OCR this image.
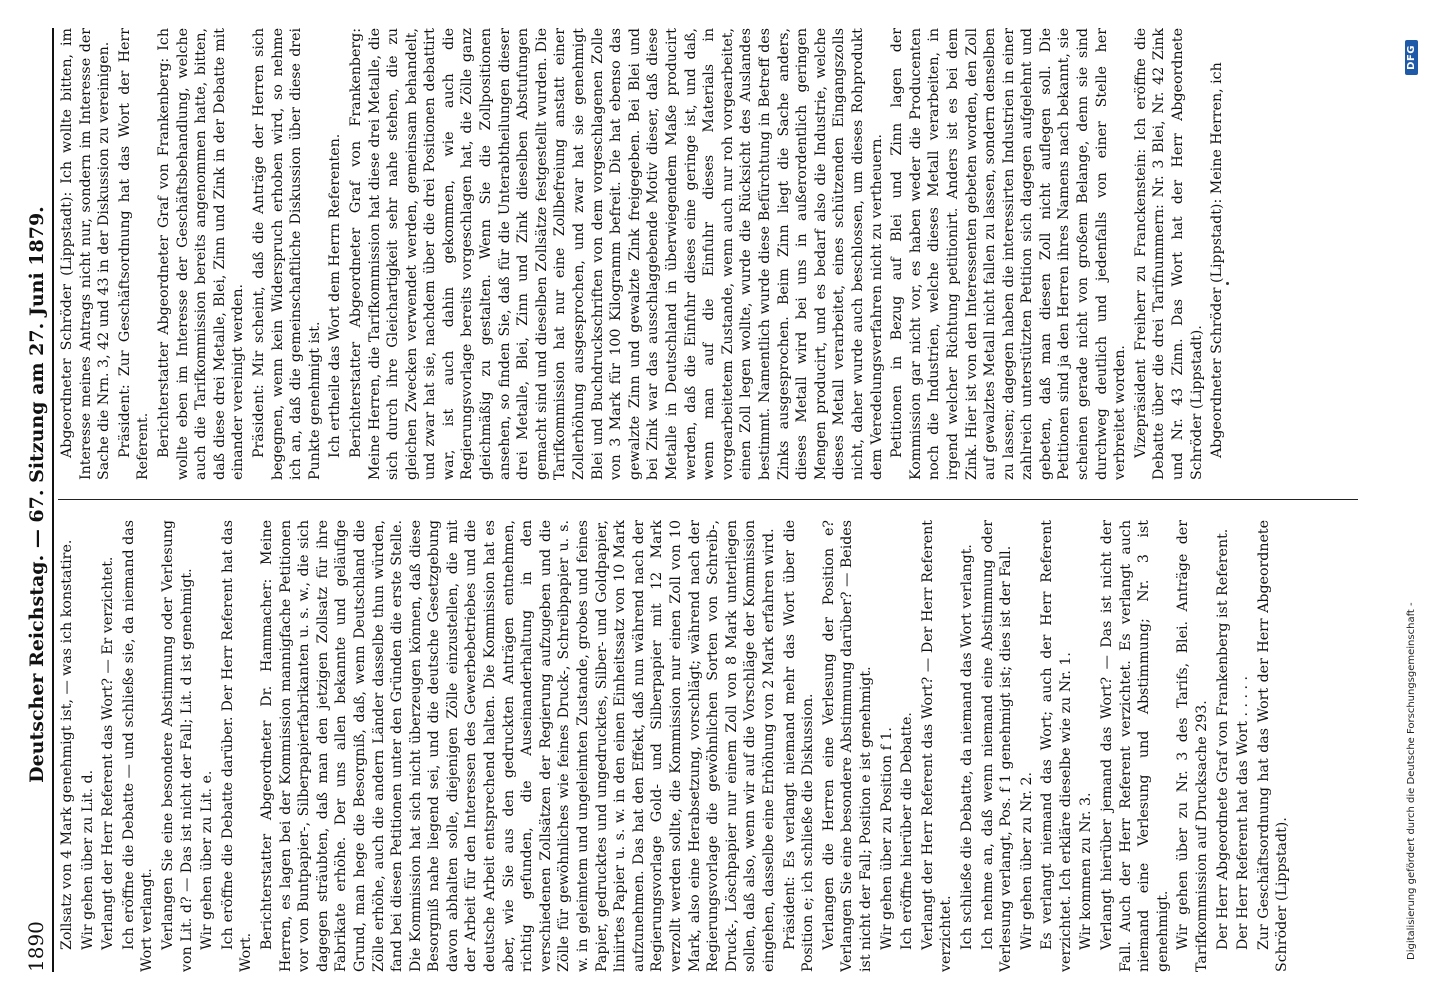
1890
Deutscher Reichstag. — 67. Sitzung am 27. Juni 1879. Zollsatz von 4 Mark genehmigt ist, — was ich konstatire. Wir gehen über zu Lit. d. Verlangt der Herr Referent das Wort? — Er verzichtet. Ich eröffne die Debatte — und schließe sie, da niemand das Wort verlangt. Verlangen Sie eine besondere Abstimmung oder Verlesung von Lit. d? — Das ist nicht der Fall; Lit. d ist genehmigt. Wir gehen über zu Lit. e. Ich eröffne die Debatte darüber. Der Herr Referent hat das Wort.

Berichterstatter Abgeordneter Dr. Hammacher: Meine Herren, es lagen bei der Kommission mannigfache Petitionen vor von Buntpapier-, Silberpapierfabrikanten u. s. w., die sich dagegen sträubten, daß man den jetzigen Zollsatz für ihre Fabrikate erhöhe. Der uns allen bekannte und geläufige Grund, man hege die Besorgniß, daß, wenn Deutschland die Zölle erhöhe, auch die andern Länder dasselbe thun würden, fand bei diesen Petitionen unter den Gründen die erste Stelle. Die Kommission hat sich nicht überzeugen können, daß diese Besorgniß nahe liegend sei, und die deutsche Gesetzgebung davon abhalten solle, diejenigen Zölle einzustellen, die mit der Arbeit für den Interessen des Gewerbebetriebes und die deutsche Arbeit entsprechend halten. Die Kommission hat es aber, wie Sie aus den gedruckten Anträgen entnehmen, richtig gefunden, die Auseinanderhaltung in den verschiedenen Zollsätzen der Regierung aufzugeben und die Zölle für gewöhnliches wie feines Druck-, Schreibpapier u. s. w. in geleimtem und ungeleimten Zustande, grobes und feines Papier, gedrucktes und ungedrucktes, Silber- und Goldpapier, liniirtes Papier u. s. w. in den einen Einheitssatz von 10 Mark aufzunehmen. Das hat den Effekt, daß nun während nach der Regierungsvorlage Gold- und Silberpapier mit 12 Mark verzollt werden sollte, die Kommission nur einen Zoll von 10 Mark, also eine Herabsetzung, vorschlägt; während nach der Regierungsvorlage die gewöhnlichen Sorten von Schreib-, Druck-, Löschpapier nur einem Zoll von 8 Mark unterliegen sollen, daß also, wenn wir auf die Vorschläge der Kommission eingehen, dasselbe eine Erhöhung von 2 Mark erfahren wird. Präsident: Es verlangt niemand mehr das Wort über die Position e; ich schließe die Diskussion. Verlangen die Herren eine Verlesung der Position e? Verlangen Sie eine besondere Abstimmung darüber? — Beides ist nicht der Fall; Position e ist genehmigt. Wir gehen über zu Position f 1. Ich eröffne hierüber die Debatte. Verlangt der Herr Referent das Wort? — Der Herr Referent verzichtet. Ich schließe die Debatte, da niemand das Wort verlangt. Ich nehme an, daß wenn niemand eine Abstimmung oder Verlesung verlangt, Pos. f 1 genehmigt ist; dies ist der Fall. Wir gehen über zu Nr. 2. Es verlangt niemand das Wort; auch der Herr Referent verzichtet. Ich erkläre dieselbe wie zu Nr. 1. Wir kommen zu Nr. 3. Verlangt hierüber jemand das Wort? — Das ist nicht der Fall. Auch der Herr Referent verzichtet. Es verlangt auch niemand eine Verlesung und Abstimmung; Nr. 3 ist genehmigt. Wir gehen über zu Nr. 3 des Tarifs, Blei. Anträge der Tarifkommission auf Drucksache 293. Der Herr Abgeordnete Graf von Frankenberg ist Referent. Der Herr Referent hat das Wort . . . . . Zur Geschäftsordnung hat das Wort der Herr Abgeordnete Schröder (Lippstadt).

Abgeordneter Schröder (Lippstadt): Ich wollte bitten, im Interesse meines Antrags nicht nur, sondern im Interesse der Sache die Nrn. 3, 42 und 43 in der Diskussion zu vereinigen. Präsident: Zur Geschäftsordnung hat das Wort der Herr Referent. Berichterstatter Abgeordneter Graf von Frankenberg: Ich wollte eben im Interesse der Geschäftsbehandlung, welche auch die Tarifkommission bereits angenommen hatte, bitten, daß diese drei Metalle, Blei, Zinn und Zink in der Debatte mit einander vereinigt werden. Präsident: Mir scheint, daß die Anträge der Herren sich begegnen, wenn kein Widerspruch erhoben wird, so nehme ich an, daß die gemeinschaftliche Diskussion über diese drei Punkte genehmigt ist. Ich ertheile das Wort dem Herrn Referenten. Berichterstatter Abgeordneter Graf von Frankenberg: Meine Herren, die Tarifkommission hat diese drei Metalle, die sich durch ihre Gleichartigkeit sehr nahe stehen, die zu gleichen Zwecken verwendet werden, gemeinsam behandelt, und zwar hat sie, nachdem über die drei Positionen debattirt war, ist auch dahin gekommen, wie auch die Regierungsvorlage bereits vorgeschlagen hat, die Zölle ganz gleichmäßig zu gestalten. Wenn Sie die Zollpositionen ansehen, so finden Sie, daß für die Unterabtheilungen dieser drei Metalle, Blei, Zinn und Zink dieselben Abstufungen gemacht sind und dieselben Zollsätze festgestellt wurden. Die Tarifkommission hat nur eine Zollbefreiung anstatt einer Zollerhöhung ausgesprochen, und zwar hat sie genehmigt Blei und Buchdruckschriften von dem vorgeschlagenen Zolle von 3 Mark für 100 Kilogramm befreit. Die hat ebenso das gewalzte Zinn und gewalzte Zink freigegeben. Bei Blei und bei Zink war das ausschlaggebende Motiv dieser, daß diese Metalle in Deutschland in überwiegendem Maße producirt werden, daß die Einfuhr dieses eine geringe ist, und daß, wenn man auf die Einfuhr dieses Materials in vorgearbeitetem Zustande, wenn auch nur roh vorgearbeitet, einen Zoll legen wollte, wurde die Rücksicht des Auslandes bestimmt. Namentlich wurde diese Befürchtung in Betreff des Zinks ausgesprochen. Beim Zinn liegt die Sache anders, dieses Metall wird bei uns in außerordentlich geringen Mengen producirt, und es bedarf also die Industrie, welche dieses Metall verarbeitet, eines schützenden Eingangszolls nicht, daher wurde auch beschlossen, um dieses Rohprodukt dem Veredelungsverfahren nicht zu vertheuern. Petitionen in Bezug auf Blei und Zinn lagen der Kommission gar nicht vor, es haben weder die Producenten noch die Industrien, welche dieses Metall verarbeiten, in irgend welcher Richtung petitionirt. Anders ist es bei dem Zink. Hier ist von den Interessenten gebeten worden, den Zoll auf gewalztes Metall nicht fallen zu lassen, sondern denselben zu lassen; dagegen haben die interessirten Industrien in einer zahlreich unterstützten Petition sich dagegen aufgelehnt und gebeten, daß man diesen Zoll nicht auflegen soll. Die Petitionen sind ja den Herren ihres Namens nach bekannt, sie scheinen gerade nicht von großem Belange, denn sie sind durchweg deutlich und jedenfalls von einer Stelle her verbreitet worden. Vizepräsident Freiherr zu Franckenstein: Ich eröffne die Debatte über die drei Tarifnummern: Nr. 3 Blei, Nr. 42 Zink und Nr. 43 Zinn. Das Wort hat der Herr Abgeordnete Schröder (Lippstadt). Abgeordneter Schröder (Lippstadt): Meine Herren, ich

Digitalisierung gefördert durch die Deutsche Forschungsgemeinschaft -
DFG
